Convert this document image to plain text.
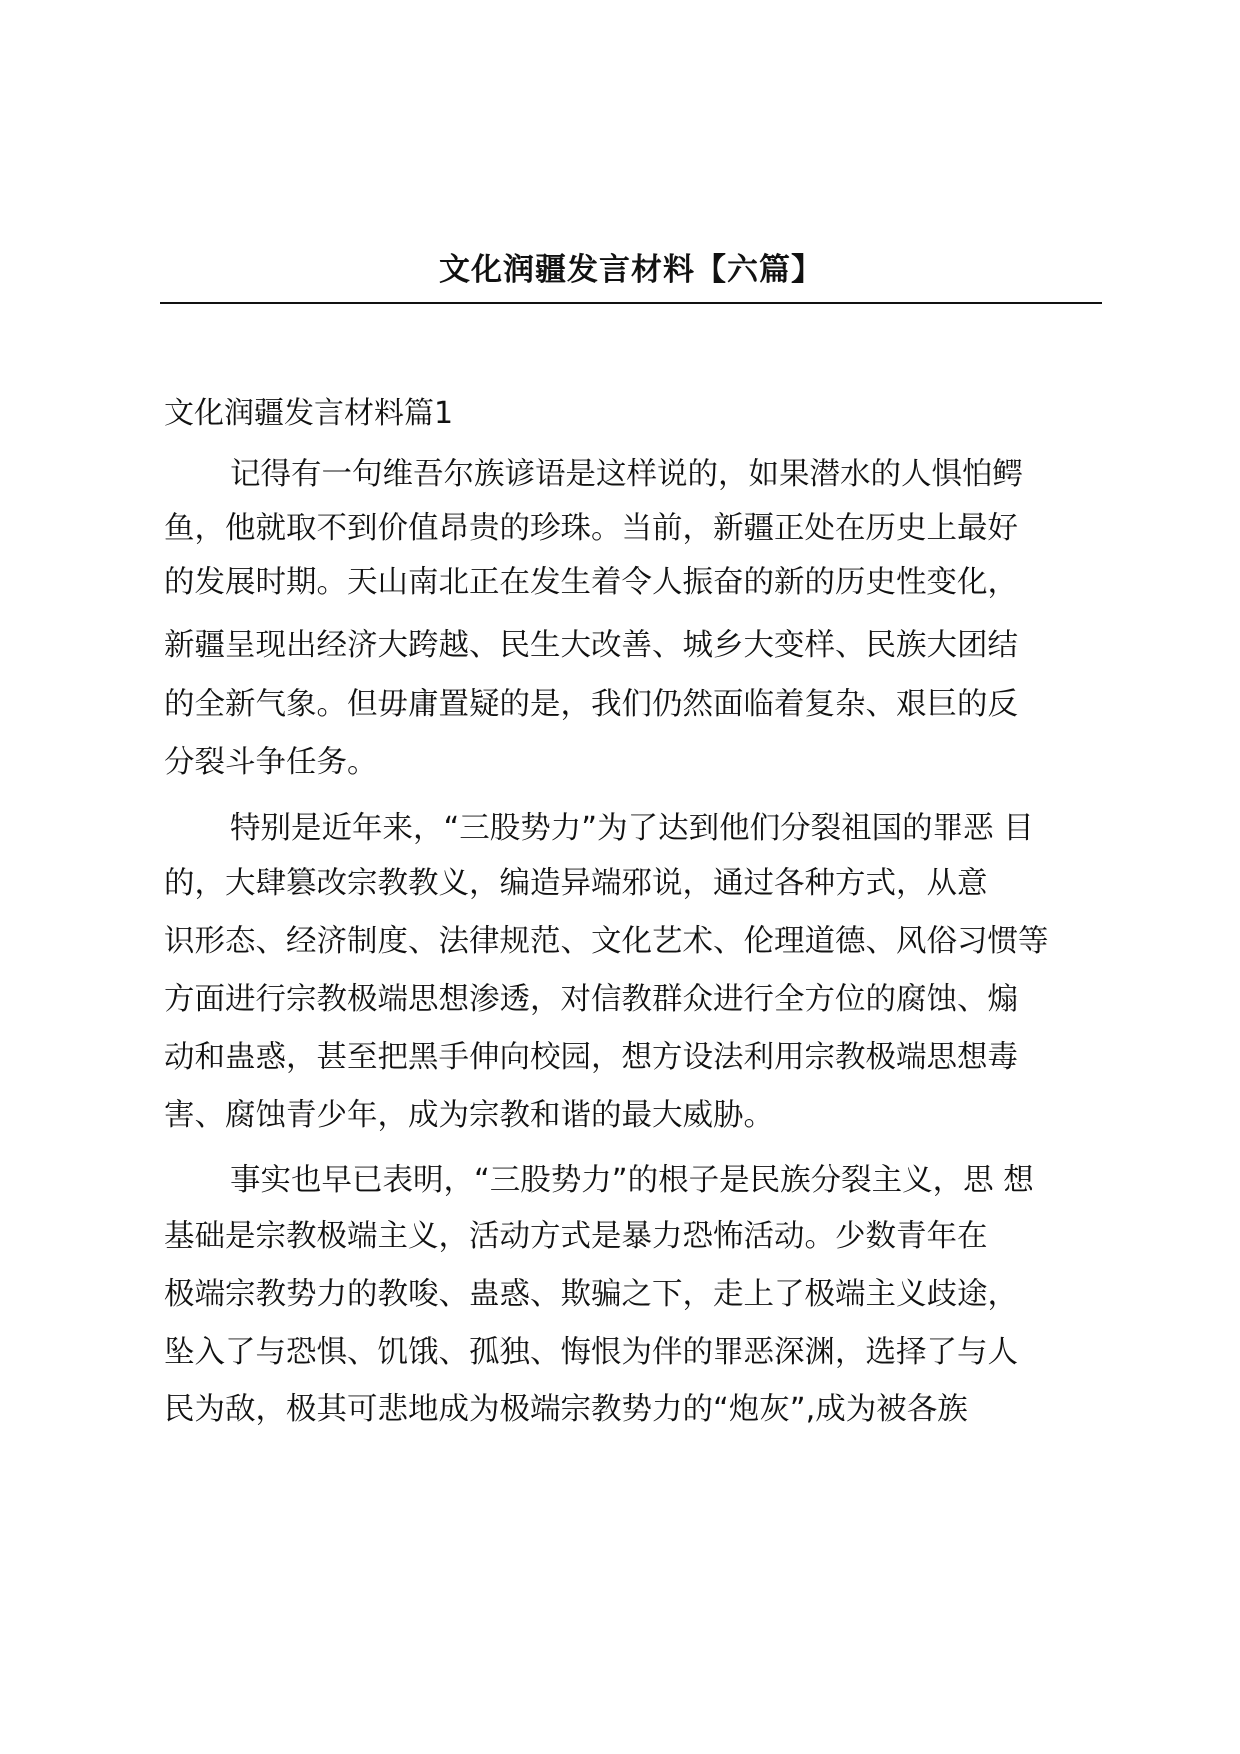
文化润疆发言材料【六篇】
文化润疆发言材料篇1
记得有一句维吾尔族谚语是这样说的，如果潜水的人惧怕鳄
鱼，他就取不到价值昂贵的珍珠。当前，新疆正处在历史上最好
的发展时期。天山南北正在发生着令人振奋的新的历史性变化，
新疆呈现出经济大跨越、民生大改善、城乡大变样、民族大团结
的全新气象。但毋庸置疑的是，我们仍然面临着复杂、艰巨的反
分裂斗争任务。
特别是近年来，“三股势力”为了达到他们分裂祖国的罪恶 目
的，大肆篡改宗教教义，编造异端邪说，通过各种方式，从意
识形态、经济制度、法律规范、文化艺术、伦理道德、风俗习惯等
方面进行宗教极端思想渗透，对信教群众进行全方位的腐蚀、煽
动和蛊惑，甚至把黑手伸向校园，想方设法利用宗教极端思想毒
害、腐蚀青少年，成为宗教和谐的最大威胁。
事实也早已表明，“三股势力”的根子是民族分裂主义，思 想
基础是宗教极端主义，活动方式是暴力恐怖活动。少数青年在
极端宗教势力的教唆、蛊惑、欺骗之下，走上了极端主义歧途，
坠入了与恐惧、饥饿、孤独、悔恨为伴的罪恶深渊，选择了与人
民为敌，极其可悲地成为极端宗教势力的“炮灰”,成为被各族
